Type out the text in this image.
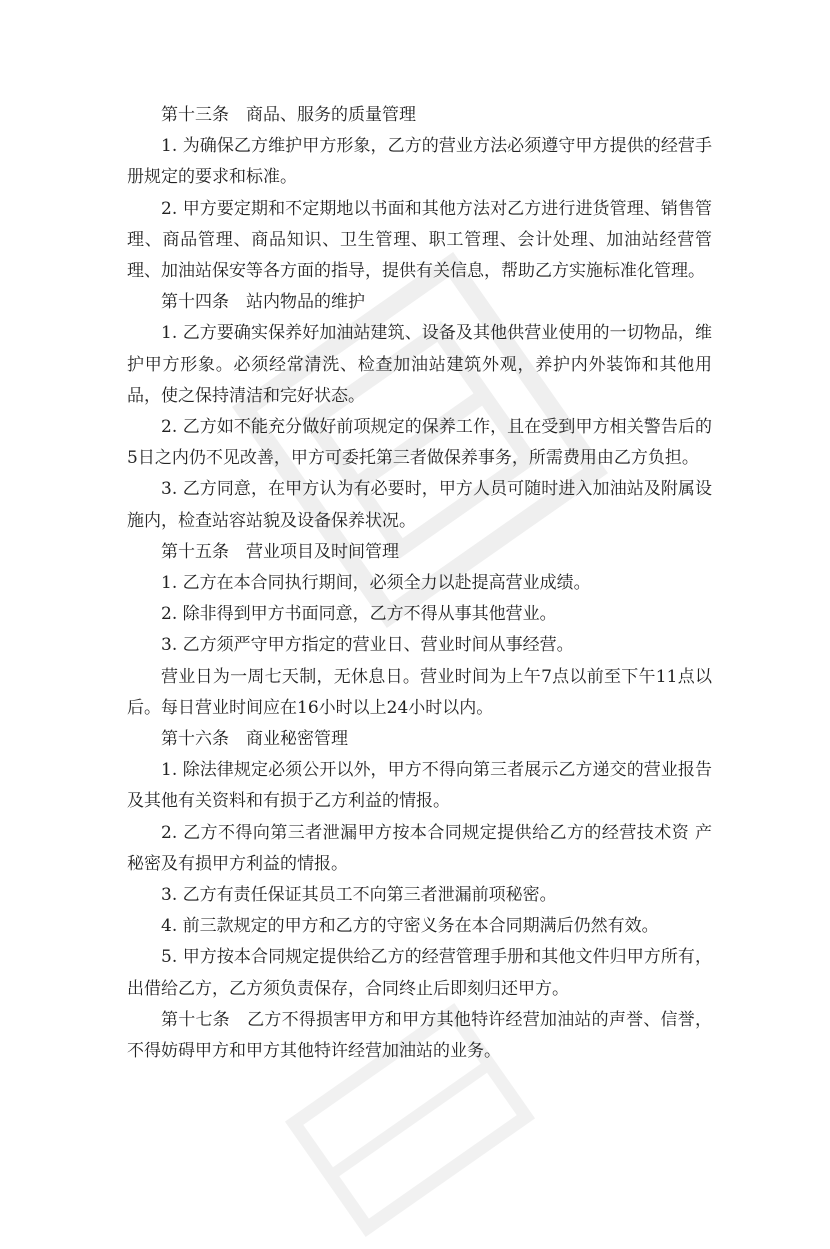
第十三条　商品、服务的质量管理

1. 为确保乙方维护甲方形象，乙方的营业方法必须遵守甲方提供的经营手册规定的要求和标准。

2. 甲方要定期和不定期地以书面和其他方法对乙方进行进货管理、销售管理、商品管理、商品知识、卫生管理、职工管理、会计处理、加油站经营管理、加油站保安等各方面的指导，提供有关信息，帮助乙方实施标准化管理。

第十四条　站内物品的维护

1. 乙方要确实保养好加油站建筑、设备及其他供营业使用的一切物品，维护甲方形象。必须经常清洗、检查加油站建筑外观，养护内外装饰和其他用品，使之保持清洁和完好状态。

2. 乙方如不能充分做好前项规定的保养工作，且在受到甲方相关警告后的5日之内仍不见改善，甲方可委托第三者做保养事务，所需费用由乙方负担。

3. 乙方同意，在甲方认为有必要时，甲方人员可随时进入加油站及附属设施内，检查站容站貌及设备保养状况。

第十五条　营业项目及时间管理

1. 乙方在本合同执行期间，必须全力以赴提高营业成绩。

2. 除非得到甲方书面同意，乙方不得从事其他营业。

3. 乙方须严守甲方指定的营业日、营业时间从事经营。

营业日为一周七天制，无休息日。营业时间为上午7点以前至下午11点以后。每日营业时间应在16小时以上24小时以内。

第十六条　商业秘密管理

1. 除法律规定必须公开以外，甲方不得向第三者展示乙方递交的营业报告及其他有关资料和有损于乙方利益的情报。

2. 乙方不得向第三者泄漏甲方按本合同规定提供给乙方的经营技术资 产秘密及有损甲方利益的情报。

3. 乙方有责任保证其员工不向第三者泄漏前项秘密。

4. 前三款规定的甲方和乙方的守密义务在本合同期满后仍然有效。

5. 甲方按本合同规定提供给乙方的经营管理手册和其他文件归甲方所有，出借给乙方，乙方须负责保存，合同终止后即刻归还甲方。

第十七条　乙方不得损害甲方和甲方其他特许经营加油站的声誉、信誉，不得妨碍甲方和甲方其他特许经营加油站的业务。
